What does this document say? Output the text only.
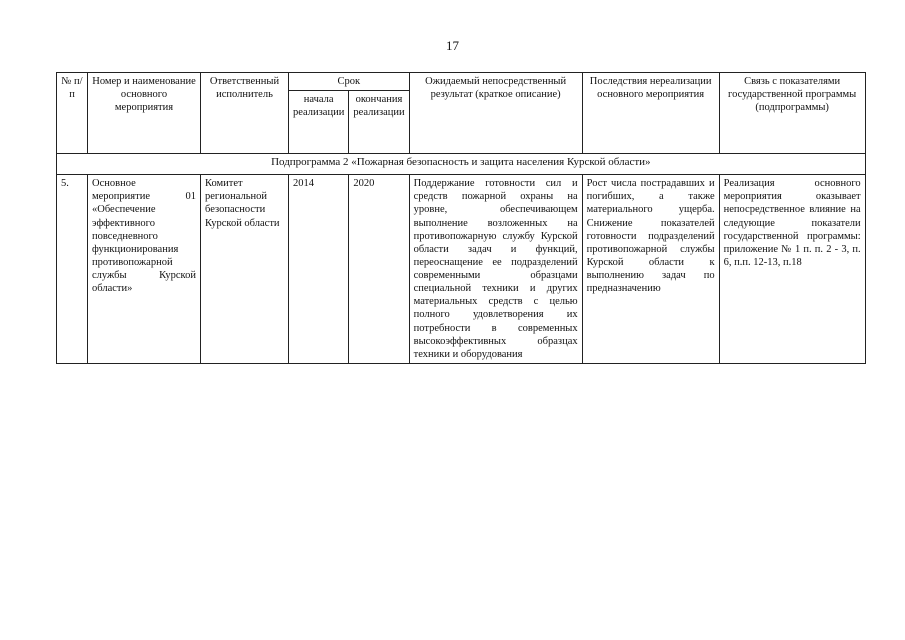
17
№ п/п	Номер и наименование основного мероприятия	Ответственный исполнитель	Срок		Ожидаемый непосредственный результат (краткое описание)	Последствия нереализации основного мероприятия	Связь с показателями государственной программы (подпрограммы)
			начала реализации	окончания реализации			
Подпрограмма 2 «Пожарная безопасность и защита населения Курской области»							
5.	Основное мероприятие 01 «Обеспечение эффективного повседневного функционирования противопожарной службы Курской области»	Комитет региональной безопасности Курской области	2014	2020	Поддержание готовности сил и средств пожарной охраны на уровне, обеспечивающем выполнение возложенных на противопожарную службу Курской области задач и функций, переоснащение ее подразделений современными образцами специальной техники и других материальных средств с целью полного удовлетворения их потребности в современных высокоэффективных образцах техники и оборудования	Рост числа пострадавших и погибших, а также материального ущерба. Снижение показателей готовности подразделений противопожарной службы Курской области к выполнению задач по предназначению	Реализация основного мероприятия оказывает непосредственное влияние на следующие показатели государственной программы: приложение № 1 п. п. 2 - 3, п. 6, п.п. 12-13, п.18
